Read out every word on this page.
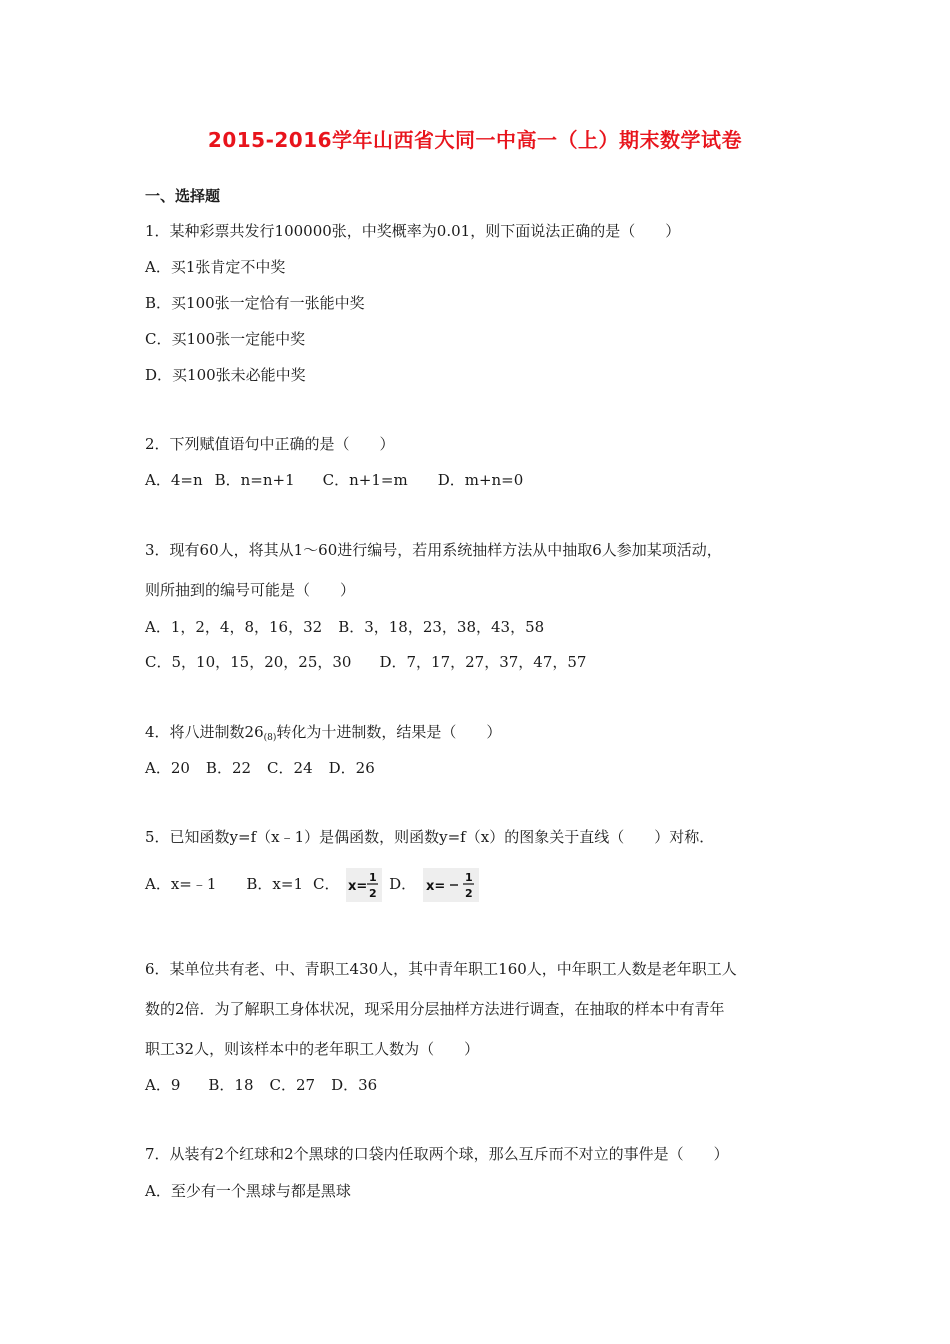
2015-2016学年山西省大同一中高一（上）期末数学试卷
一、选择题
1．某种彩票共发行100000张，中奖概率为0.01，则下面说法正确的是（　　）
A．买1张肯定不中奖
B．买100张一定恰有一张能中奖
C．买100张一定能中奖
D．买100张未必能中奖
2．下列赋值语句中正确的是（　　）
A．4=n B．n=n+1 C．n+1=m D．m+n=0
3．现有60人，将其从1～60进行编号，若用系统抽样方法从中抽取6人参加某项活动，
则所抽到的编号可能是（　　）
A．1，2，4，8，16，32 B．3，18，23，38，43，58
C．5，10，15，20，25，30 D．7，17，27，37，47，57
4．将八进制数$26_{(8)}$转化为十进制数，结果是（　　）
A．20 B．22 C．24 D．26
5．已知函数y=f（x﹣1）是偶函数，则函数y=f（x）的图象关于直线（　　）对称．
A．x=﹣1 B．x=1 C． x=
1
2
D． x=
1
2
6．某单位共有老、中、青职工430人，其中青年职工160人，中年职工人数是老年职工人
数的2倍．为了解职工身体状况，现采用分层抽样方法进行调查，在抽取的样本中有青年
职工32人，则该样本中的老年职工人数为（　　）
A．9 B．18 C．27 D．36
7．从装有2个红球和2个黑球的口袋内任取两个球，那么互斥而不对立的事件是（　　）
A．至少有一个黑球与都是黑球
